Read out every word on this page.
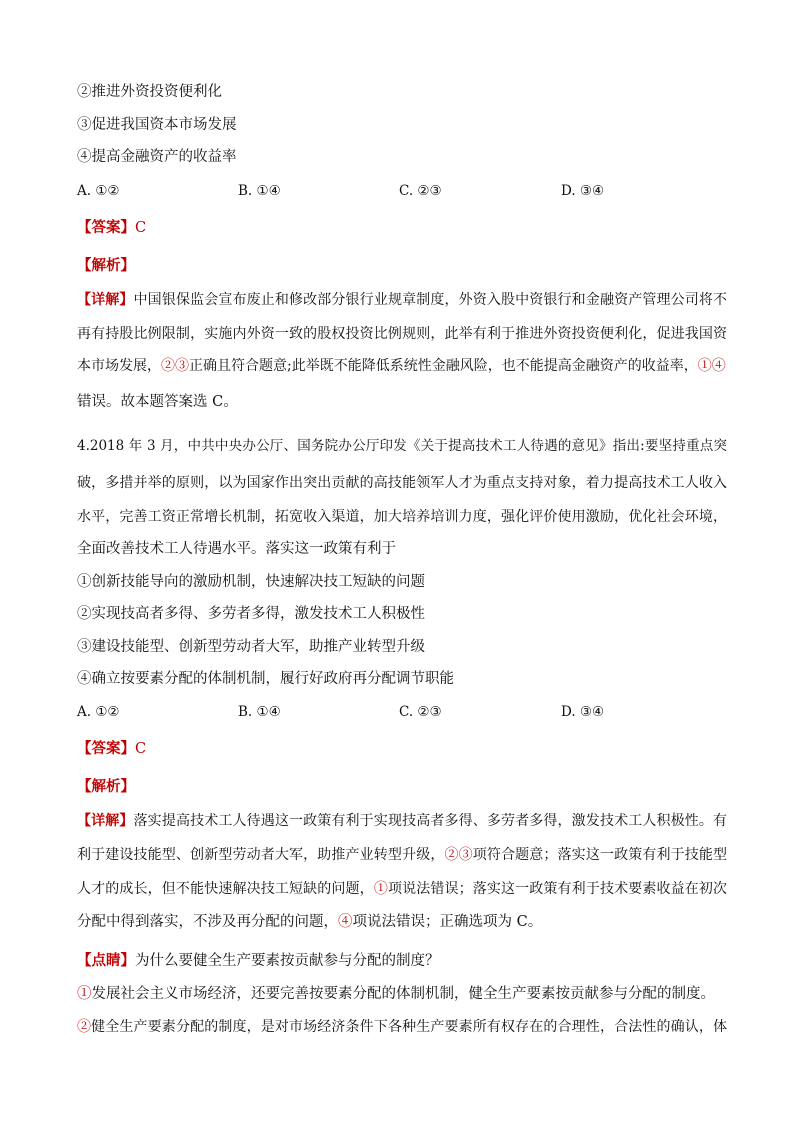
②推进外资投资便利化
③促进我国资本市场发展
④提高金融资产的收益率
A. ①②	B. ①④	C. ②③	D. ③④
【答案】C
【解析】
【详解】中国银保监会宣布废止和修改部分银行业规章制度，外资入股中资银行和金融资产管理公司将不
再有持股比例限制，实施内外资一致的股权投资比例规则，此举有利于推进外资投资便利化，促进我国资
本市场发展，②③正确且符合题意;此举既不能降低系统性金融风险，也不能提高金融资产的收益率，①④
错误。故本题答案选 C。
4.2018 年 3 月，中共中央办公厅、国务院办公厅印发《关于提高技术工人待遇的意见》指出:要坚持重点突
破，多措并举的原则，以为国家作出突出贡献的高技能领军人才为重点支持对象，着力提高技术工人收入
水平，完善工资正常增长机制，拓宽收入渠道，加大培养培训力度，强化评价使用激励，优化社会环境，
全面改善技术工人待遇水平。落实这一政策有利于
①创新技能导向的激励机制，快速解决技工短缺的问题
②实现技高者多得、多劳者多得，激发技术工人积极性
③建设技能型、创新型劳动者大军，助推产业转型升级
④确立按要素分配的体制机制，履行好政府再分配调节职能
A. ①②	B. ①④	C. ②③	D. ③④
【答案】C
【解析】
【详解】落实提高技术工人待遇这一政策有利于实现技高者多得、多劳者多得，激发技术工人积极性。有
利于建设技能型、创新型劳动者大军，助推产业转型升级，②③项符合题意；落实这一政策有利于技能型
人才的成长，但不能快速解决技工短缺的问题，①项说法错误；落实这一政策有利于技术要素收益在初次
分配中得到落实，不涉及再分配的问题，④项说法错误；正确选项为 C。
【点睛】为什么要健全生产要素按贡献参与分配的制度？
①发展社会主义市场经济，还要完善按要素分配的体制机制，健全生产要素按贡献参与分配的制度。
②健全生产要素分配的制度，是对市场经济条件下各种生产要素所有权存在的合理性，合法性的确认，体
